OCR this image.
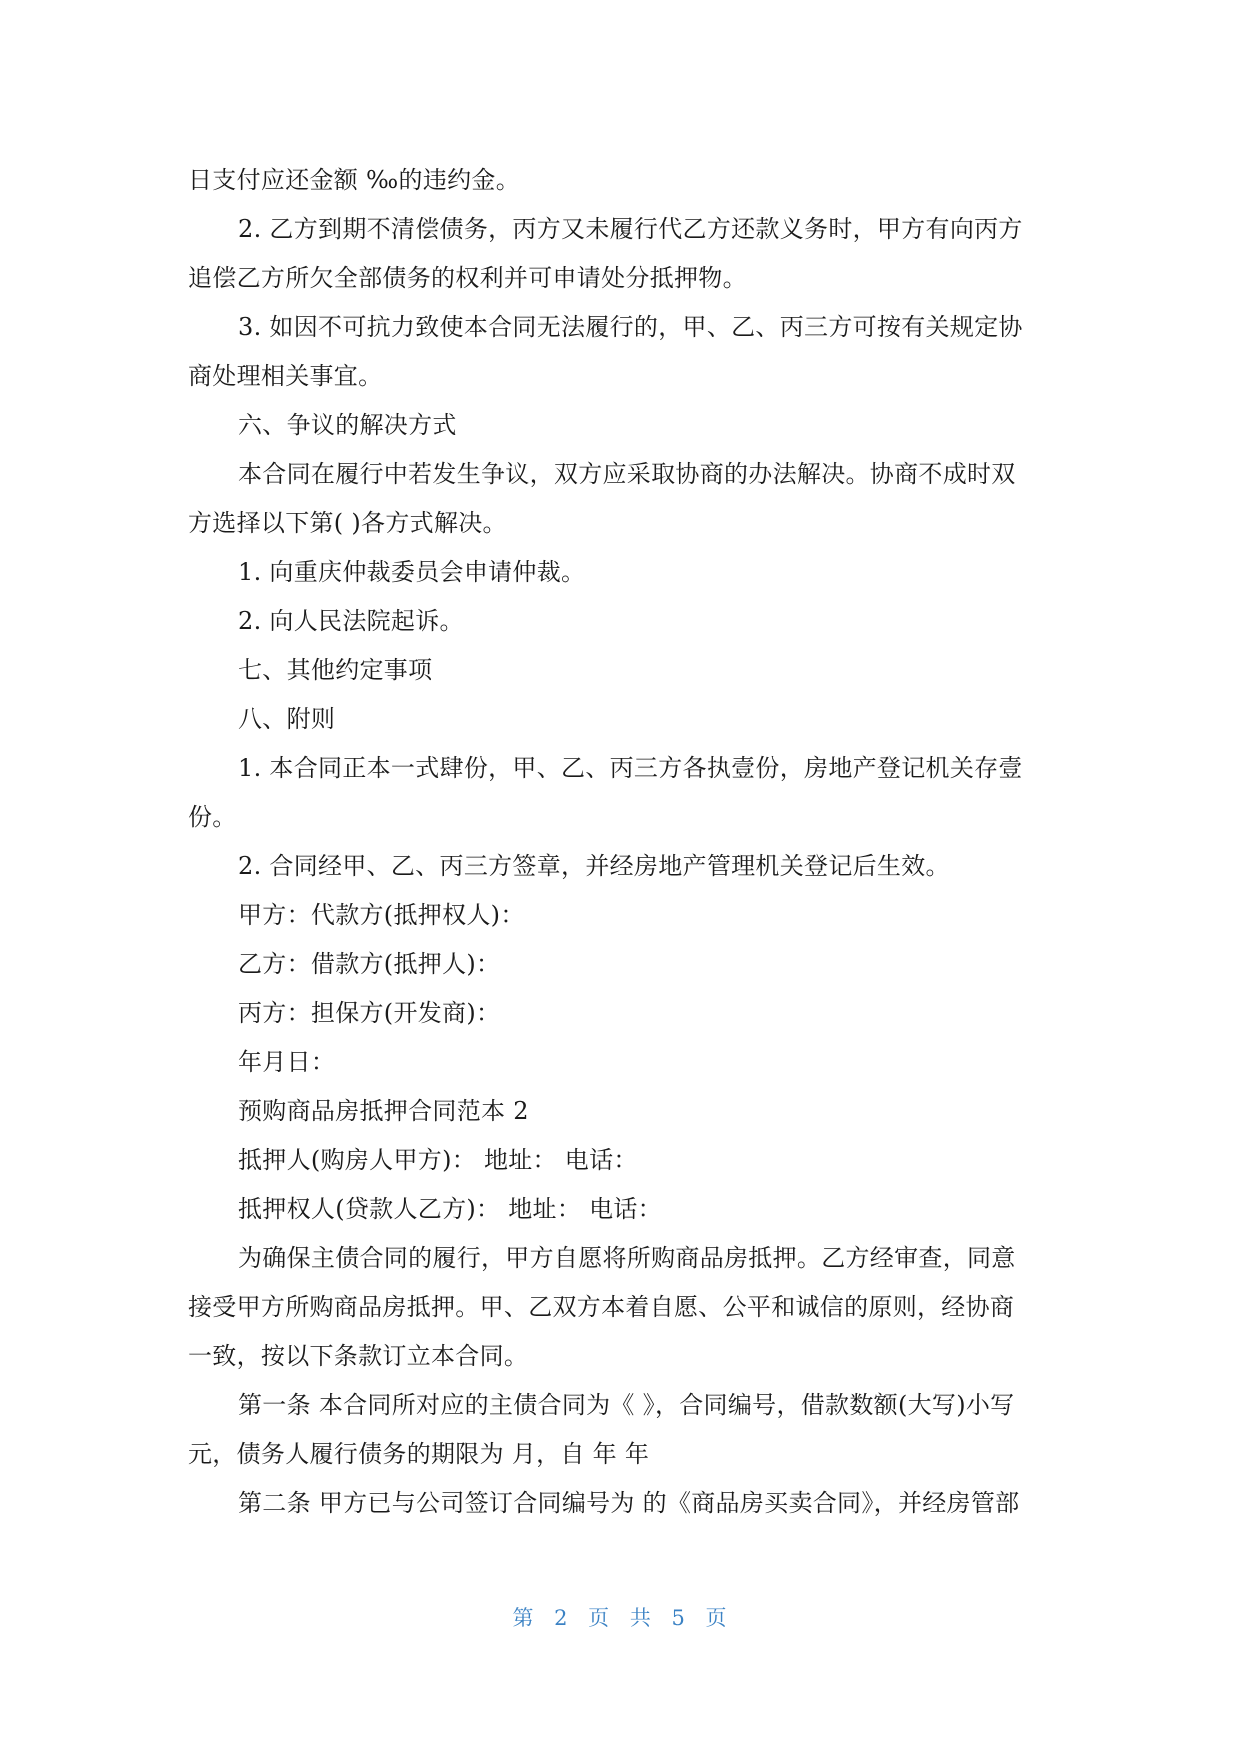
日支付应还金额 ‰的违约金。
2. 乙方到期不清偿债务，丙方又未履行代乙方还款义务时，甲方有向丙方
追偿乙方所欠全部债务的权利并可申请处分抵押物。
3. 如因不可抗力致使本合同无法履行的，甲、乙、丙三方可按有关规定协
商处理相关事宜。
六、争议的解决方式
本合同在履行中若发生争议，双方应采取协商的办法解决。协商不成时双
方选择以下第( )各方式解决。
1. 向重庆仲裁委员会申请仲裁。
2. 向人民法院起诉。
七、其他约定事项
八、附则
1. 本合同正本一式肆份，甲、乙、丙三方各执壹份，房地产登记机关存壹
份。
2. 合同经甲、乙、丙三方签章，并经房地产管理机关登记后生效。
甲方：代款方(抵押权人)：
乙方：借款方(抵押人)：
丙方：担保方(开发商)：
年月日：
预购商品房抵押合同范本 2
抵押人(购房人甲方)： 地址： 电话：
抵押权人(贷款人乙方)： 地址： 电话：
为确保主债合同的履行，甲方自愿将所购商品房抵押。乙方经审查，同意
接受甲方所购商品房抵押。甲、乙双方本着自愿、公平和诚信的原则，经协商
一致，按以下条款订立本合同。
第一条 本合同所对应的主债合同为《 》，合同编号，借款数额(大写)小写
元，债务人履行债务的期限为 月，自 年 年
第二条 甲方已与公司签订合同编号为 的《商品房买卖合同》，并经房管部
第 2 页 共 5 页
